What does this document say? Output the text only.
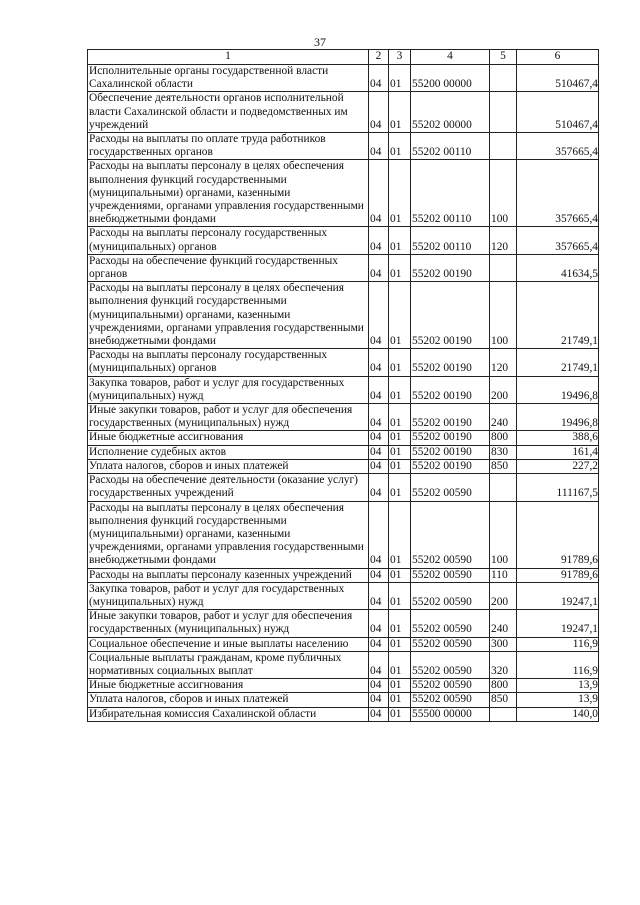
37
1	2	3	4	5	6
Исполнительные органы государственной власти Сахалинской области	04	01	55200 00000		510467,4
Обеспечение деятельности органов исполнительной власти Сахалинской области и подведомственных им учреждений	04	01	55202 00000		510467,4
Расходы на выплаты по оплате труда работников государственных органов	04	01	55202 00110		357665,4
Расходы на выплаты персоналу в целях обеспечения выполнения функций государственными (муниципальными) органами, казенными учреждениями, органами управления государственными внебюджетными фондами	04	01	55202 00110	100	357665,4
Расходы на выплаты персоналу государственных (муниципальных) органов	04	01	55202 00110	120	357665,4
Расходы на обеспечение функций государственных органов	04	01	55202 00190		41634,5
Расходы на выплаты персоналу в целях обеспечения выполнения функций государственными (муниципальными) органами, казенными учреждениями, органами управления государственными внебюджетными фондами	04	01	55202 00190	100	21749,1
Расходы на выплаты персоналу государственных (муниципальных) органов	04	01	55202 00190	120	21749,1
Закупка товаров, работ и услуг для государственных (муниципальных) нужд	04	01	55202 00190	200	19496,8
Иные закупки товаров, работ и услуг для обеспечения государственных (муниципальных) нужд	04	01	55202 00190	240	19496,8
Иные бюджетные ассигнования	04	01	55202 00190	800	388,6
Исполнение судебных актов	04	01	55202 00190	830	161,4
Уплата налогов, сборов и иных платежей	04	01	55202 00190	850	227,2
Расходы на обеспечение деятельности (оказание услуг) государственных учреждений	04	01	55202 00590		111167,5
Расходы на выплаты персоналу в целях обеспечения выполнения функций государственными (муниципальными) органами, казенными учреждениями, органами управления государственными внебюджетными фондами	04	01	55202 00590	100	91789,6
Расходы на выплаты персоналу казенных учреждений	04	01	55202 00590	110	91789,6
Закупка товаров, работ и услуг для государственных (муниципальных) нужд	04	01	55202 00590	200	19247,1
Иные закупки товаров, работ и услуг для обеспечения государственных (муниципальных) нужд	04	01	55202 00590	240	19247,1
Социальное обеспечение и иные выплаты населению	04	01	55202 00590	300	116,9
Социальные выплаты гражданам, кроме публичных нормативных социальных выплат	04	01	55202 00590	320	116,9
Иные бюджетные ассигнования	04	01	55202 00590	800	13,9
Уплата налогов, сборов и иных платежей	04	01	55202 00590	850	13,9
Избирательная комиссия Сахалинской области	04	01	55500 00000		140,0
